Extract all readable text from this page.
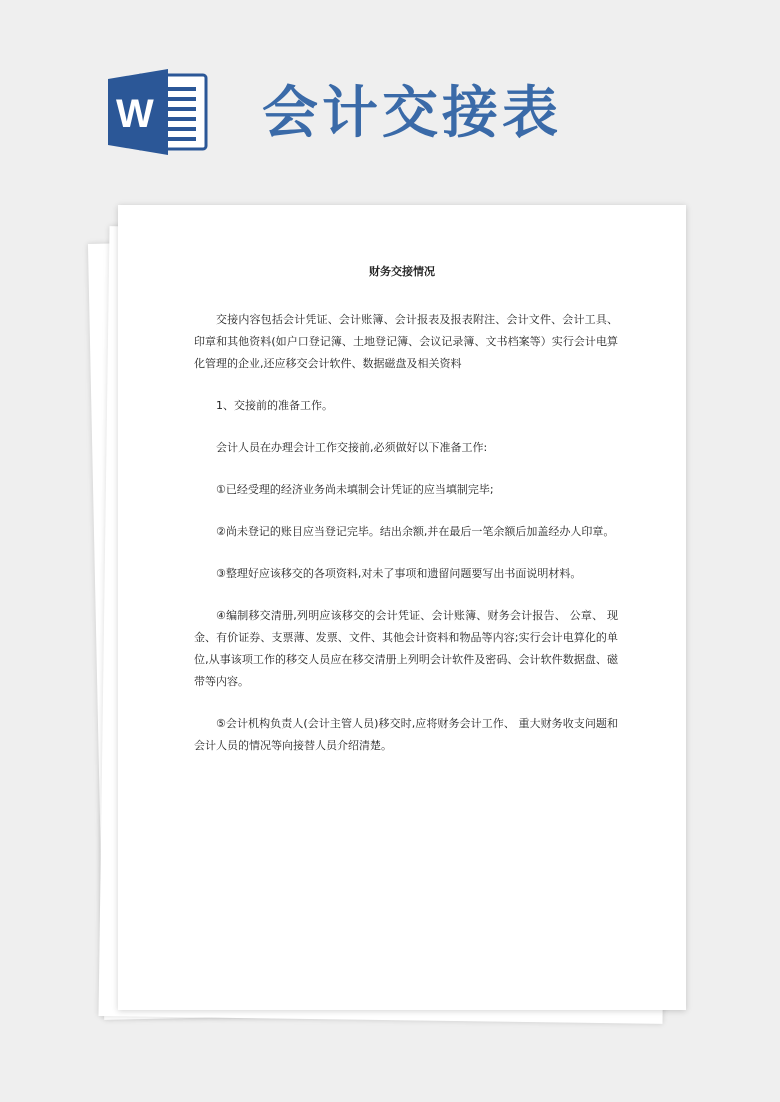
W 会计交接表
财务交接情况

交接内容包括会计凭证、会计账簿、会计报表及报表附注、会计文件、会计工具、印章和其他资料(如户口登记簿、土地登记簿、会议记录簿、文书档案等）实行会计电算化管理的企业,还应移交会计软件、数据磁盘及相关资料

1、交接前的准备工作。

会计人员在办理会计工作交接前,必须做好以下准备工作:

①已经受理的经济业务尚未填制会计凭证的应当填制完毕;

②尚未登记的账目应当登记完毕。结出余额,并在最后一笔余额后加盖经办人印章。

③整理好应该移交的各项资料,对未了事项和遗留问题要写出书面说明材料。

④编制移交清册,列明应该移交的会计凭证、会计账簿、财务会计报告、 公章、 现金、有价证券、支票薄、发票、文件、其他会计资料和物品等内容;实行会计电算化的单位,从事该项工作的移交人员应在移交清册上列明会计软件及密码、会计软件数据盘、磁带等内容。

⑤会计机构负责人(会计主管人员)移交时,应将财务会计工作、 重大财务收支问题和会计人员的情况等向接替人员介绍清楚。
